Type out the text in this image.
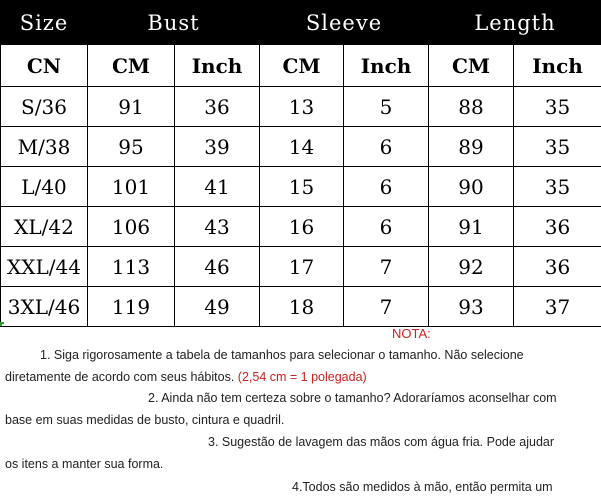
Size	Bust		Sleeve		Length	
CN	CM	Inch	CM	Inch	CM	Inch
S/36	91	36	13	5	88	35
M/38	95	39	14	6	89	35
L/40	101	41	15	6	90	35
XL/42	106	43	16	6	91	36
XXL/44	113	46	17	7	92	36
3XL/46	119	49	18	7	93	37
NOTA:
1. Siga rigorosamente a tabela de tamanhos para selecionar o tamanho. Não selecione
diretamente de acordo com seus hábitos. (2,54 cm = 1 polegada)
2. Ainda não tem certeza sobre o tamanho? Adoraríamos aconselhar com
base em suas medidas de busto, cintura e quadril.
3. Sugestão de lavagem das mãos com água fria. Pode ajudar
os itens a manter sua forma.
4.Todos são medidos à mão, então permita um
